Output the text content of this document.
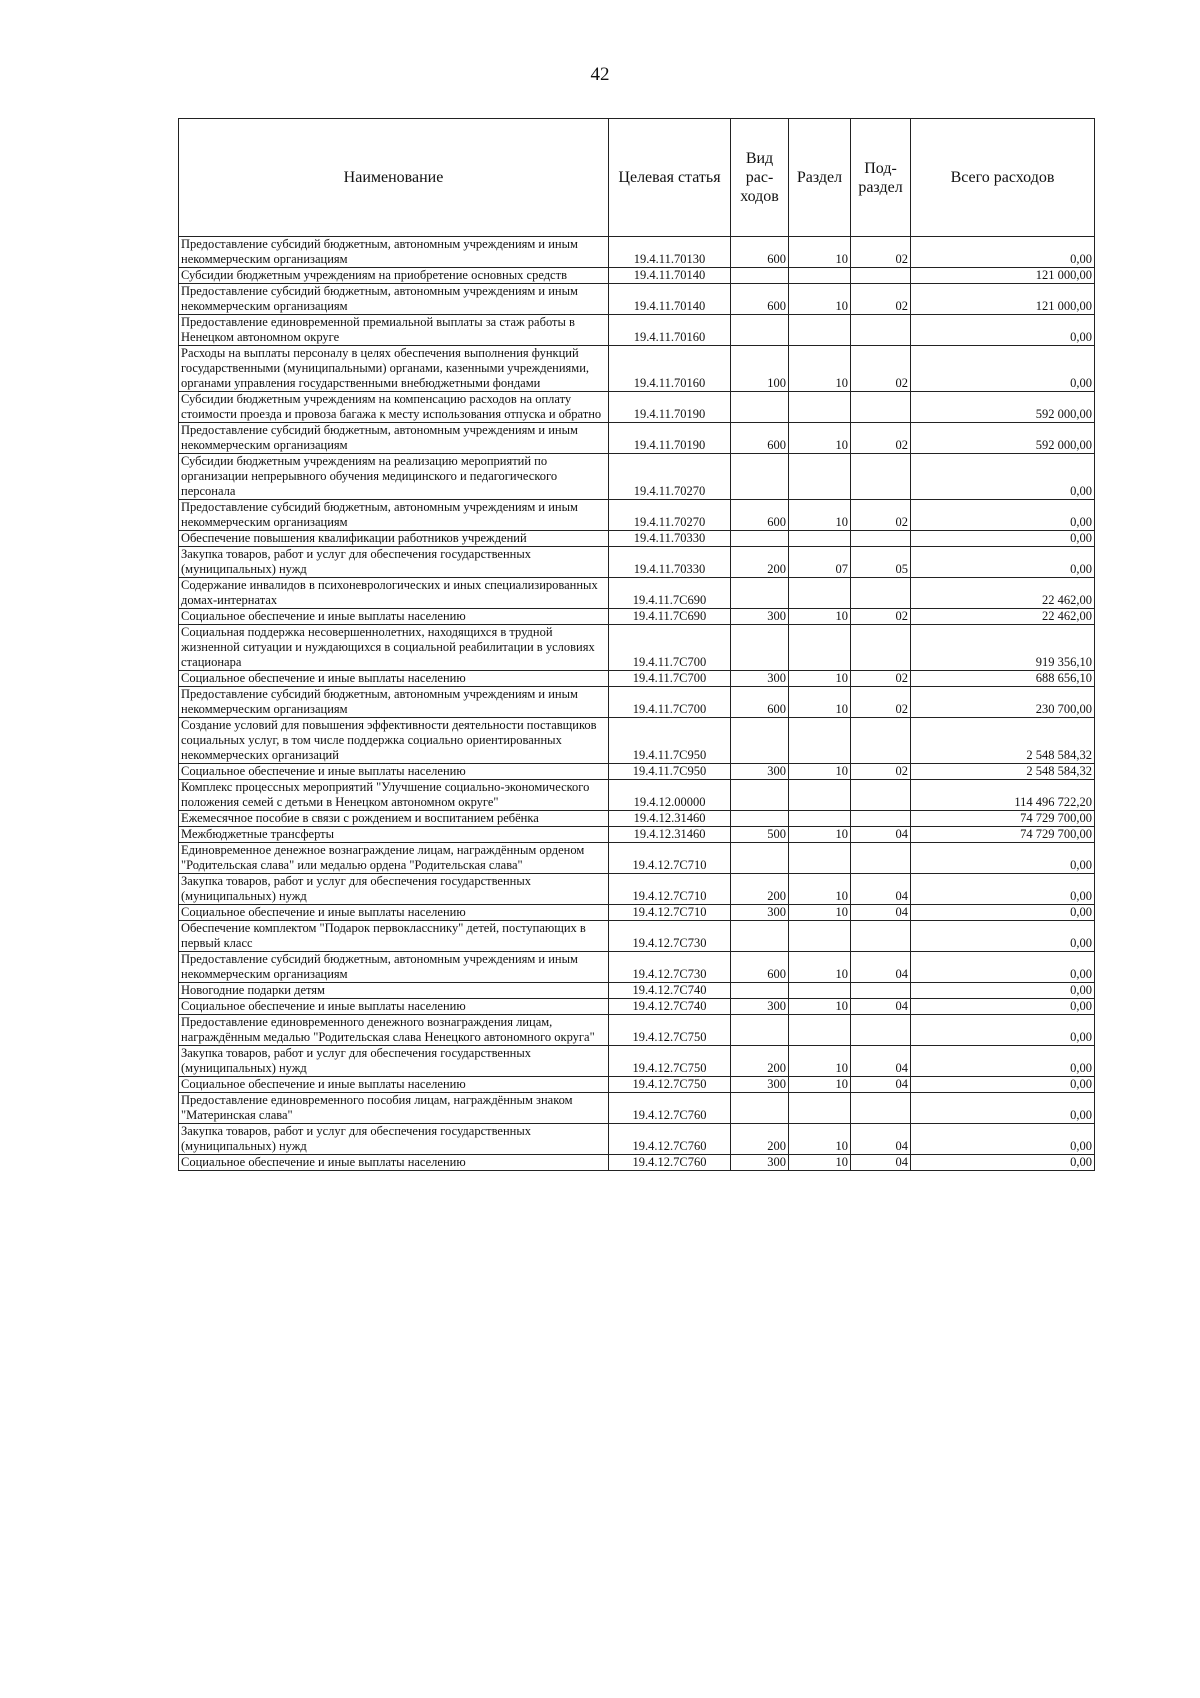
42
Наименование	Целевая статья	Вид рас-ходов	Раздел	Под-раздел	Всего расходов
Предоставление субсидий бюджетным, автономным учреждениям и иным некоммерческим организациям	19.4.11.70130	600	10	02	0,00
Субсидии бюджетным учреждениям на приобретение основных средств	19.4.11.70140				121 000,00
Предоставление субсидий бюджетным, автономным учреждениям и иным некоммерческим организациям	19.4.11.70140	600	10	02	121 000,00
Предоставление единовременной премиальной выплаты за стаж работы в Ненецком автономном округе	19.4.11.70160				0,00
Расходы на выплаты персоналу в целях обеспечения выполнения функций государственными (муниципальными) органами, казенными учреждениями, органами управления государственными внебюджетными фондами	19.4.11.70160	100	10	02	0,00
Субсидии бюджетным учреждениям на компенсацию расходов на оплату стоимости проезда и провоза багажа к месту использования отпуска и обратно	19.4.11.70190				592 000,00
Предоставление субсидий бюджетным, автономным учреждениям и иным некоммерческим организациям	19.4.11.70190	600	10	02	592 000,00
Субсидии бюджетным учреждениям на реализацию мероприятий по организации непрерывного обучения медицинского и педагогического персонала	19.4.11.70270				0,00
Предоставление субсидий бюджетным, автономным учреждениям и иным некоммерческим организациям	19.4.11.70270	600	10	02	0,00
Обеспечение повышения квалификации работников учреждений	19.4.11.70330				0,00
Закупка товаров, работ и услуг для обеспечения государственных (муниципальных) нужд	19.4.11.70330	200	07	05	0,00
Содержание инвалидов в психоневрологических и иных специализированных домах-интернатах	19.4.11.7С690				22 462,00
Социальное обеспечение и иные выплаты населению	19.4.11.7С690	300	10	02	22 462,00
Социальная поддержка несовершеннолетних, находящихся в трудной жизненной ситуации и нуждающихся в социальной реабилитации в условиях стационара	19.4.11.7С700				919 356,10
Социальное обеспечение и иные выплаты населению	19.4.11.7С700	300	10	02	688 656,10
Предоставление субсидий бюджетным, автономным учреждениям и иным некоммерческим организациям	19.4.11.7С700	600	10	02	230 700,00
Создание условий для повышения эффективности деятельности поставщиков социальных услуг, в том числе поддержка социально ориентированных некоммерческих организаций	19.4.11.7С950				2 548 584,32
Социальное обеспечение и иные выплаты населению	19.4.11.7С950	300	10	02	2 548 584,32
Комплекс процессных мероприятий "Улучшение социально-экономического положения семей с детьми в Ненецком автономном округе"	19.4.12.00000				114 496 722,20
Ежемесячное пособие в связи с рождением и воспитанием ребёнка	19.4.12.31460				74 729 700,00
Межбюджетные трансферты	19.4.12.31460	500	10	04	74 729 700,00
Единовременное денежное вознаграждение лицам, награждённым орденом "Родительская слава" или медалью ордена "Родительская слава"	19.4.12.7С710				0,00
Закупка товаров, работ и услуг для обеспечения государственных (муниципальных) нужд	19.4.12.7С710	200	10	04	0,00
Социальное обеспечение и иные выплаты населению	19.4.12.7С710	300	10	04	0,00
Обеспечение комплектом "Подарок первокласснику" детей, поступающих в первый класс	19.4.12.7С730				0,00
Предоставление субсидий бюджетным, автономным учреждениям и иным некоммерческим организациям	19.4.12.7С730	600	10	04	0,00
Новогодние подарки детям	19.4.12.7С740				0,00
Социальное обеспечение и иные выплаты населению	19.4.12.7С740	300	10	04	0,00
Предоставление единовременного денежного вознаграждения лицам, награждённым медалью "Родительская слава Ненецкого автономного округа"	19.4.12.7С750				0,00
Закупка товаров, работ и услуг для обеспечения государственных (муниципальных) нужд	19.4.12.7С750	200	10	04	0,00
Социальное обеспечение и иные выплаты населению	19.4.12.7С750	300	10	04	0,00
Предоставление единовременного пособия лицам, награждённым знаком "Материнская слава"	19.4.12.7С760				0,00
Закупка товаров, работ и услуг для обеспечения государственных (муниципальных) нужд	19.4.12.7С760	200	10	04	0,00
Социальное обеспечение и иные выплаты населению	19.4.12.7С760	300	10	04	0,00
